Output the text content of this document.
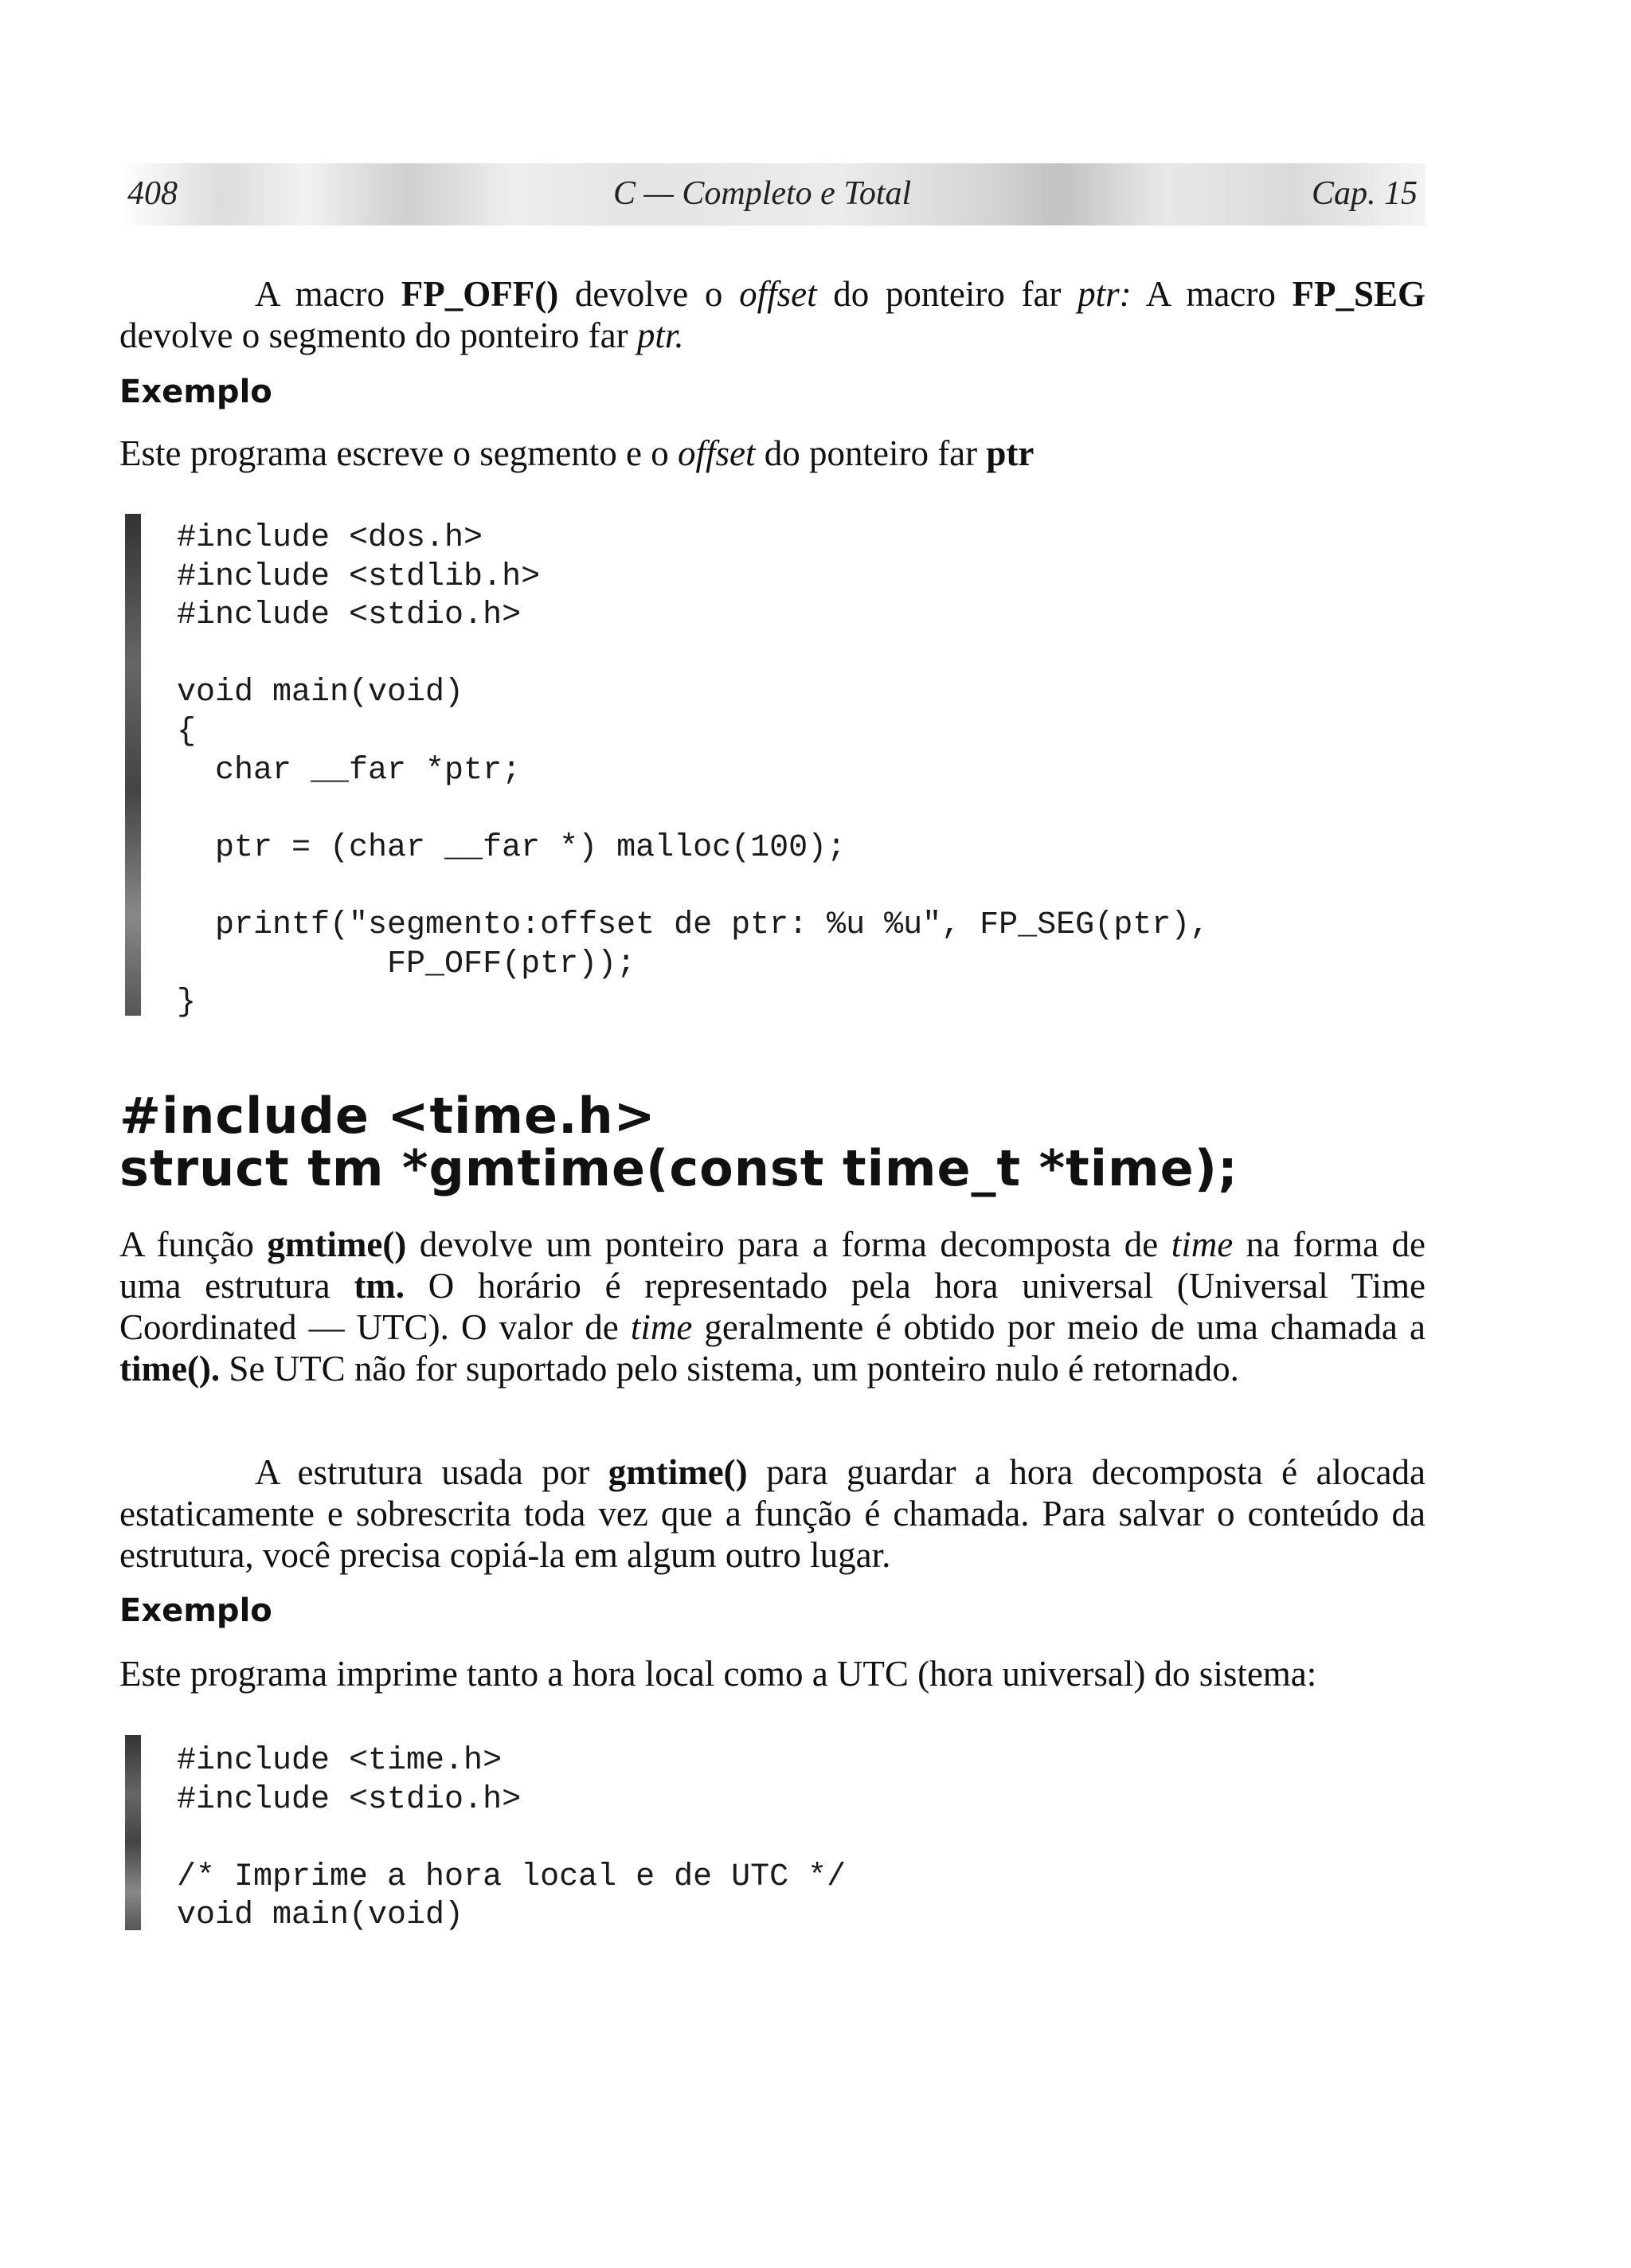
408	C — Completo e Total	Cap. 15

A macro FP_OFF() devolve o offset do ponteiro far ptr: A macro FP_SEG devolve o segmento do ponteiro far ptr.

Exemplo

Este programa escreve o segmento e o offset do ponteiro far ptr

#include <dos.h>
#include <stdlib.h>
#include <stdio.h>

void main(void)
{
char __far *ptr;

ptr = (char __far *) malloc(100);

printf("segmento:offset de ptr: %u %u", FP_SEG(ptr),
FP_OFF(ptr));
}

#include <time.h>

struct tm *gmtime(const time_t *time);

A função gmtime() devolve um ponteiro para a forma decomposta de time na forma de uma estrutura tm. O horário é representado pela hora universal (Universal Time Coordinated — UTC). O valor de time geralmente é obtido por meio de uma chamada a time(). Se UTC não for suportado pelo sistema, um ponteiro nulo é retornado.

A estrutura usada por gmtime() para guardar a hora decomposta é alocada estaticamente e sobrescrita toda vez que a função é chamada. Para salvar o conteúdo da estrutura, você precisa copiá-la em algum outro lugar.

Exemplo

Este programa imprime tanto a hora local como a UTC (hora universal) do sistema:

#include <time.h>
#include <stdio.h>

/* Imprime a hora local e de UTC */
void main(void)
